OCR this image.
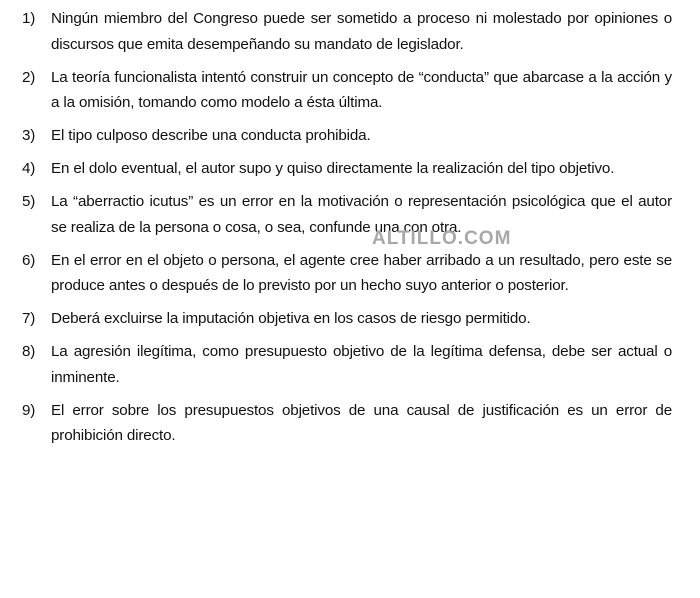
1)	Ningún miembro del Congreso puede ser sometido a proceso ni molestado por opiniones o discursos que emita desempeñando su mandato de legislador.
2)	La teoría funcionalista intentó construir un concepto de “conducta” que abarcase a la acción y a la omisión, tomando como modelo a ésta última.
3)	El tipo culposo describe una conducta prohibida.
4)	En el dolo eventual, el autor supo y quiso directamente la realización del tipo objetivo.
5)	La “aberractio icutus” es un error en la motivación o representación psicológica que el autor se realiza de la persona o cosa, o sea, confunde una con otra.
6)	En el error en el objeto o persona, el agente cree haber arribado a un resultado, pero este se produce antes o después de lo previsto por un hecho suyo anterior o posterior.
7)	Deberá excluirse la imputación objetiva en los casos de riesgo permitido.
8)	La agresión ilegítima, como presupuesto objetivo de la legítima defensa, debe ser actual o inminente.
9)	El error sobre los presupuestos objetivos de una causal de justificación es un error de prohibición directo.
ALTILLO.COM
